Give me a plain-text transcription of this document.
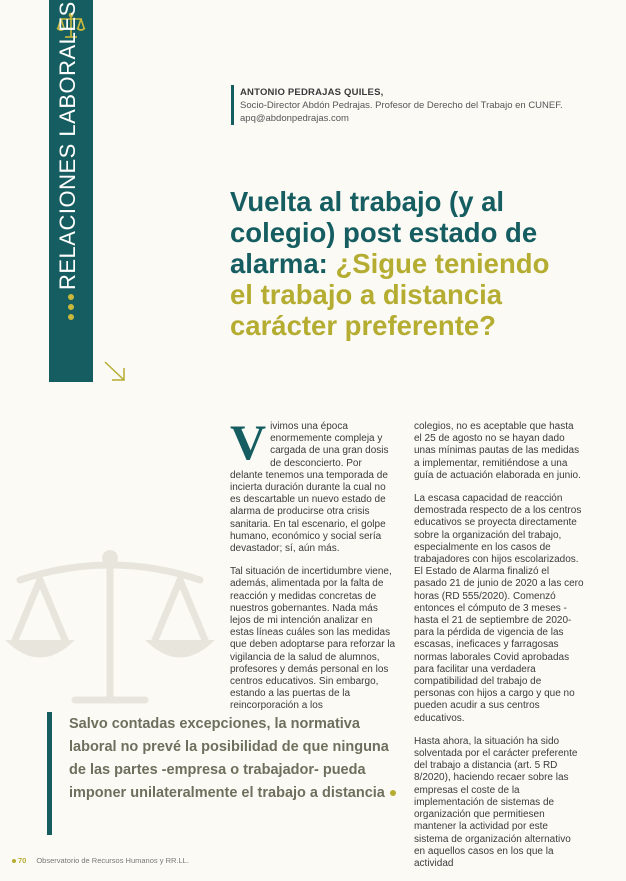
RELACIONES LABORALES	ANTONIO PEDRAJAS QUILES,
Socio-Director Abdón Pedrajas. Profesor de Derecho del Trabajo en CUNEF.
apq@abdonpedrajas.com
Vuelta al trabajo (y al colegio) post estado de alarma: ¿Sigue teniendo el trabajo a distancia carácter preferente?

Vivimos una época enormemente compleja y cargada de una gran dosis de desconcierto. Por delante tenemos una temporada de incierta duración durante la cual no es descartable un nuevo estado de alarma de producirse otra crisis sanitaria. En tal escenario, el golpe humano, económico y social sería devastador; sí, aún más.

Tal situación de incertidumbre viene, además, alimentada por la falta de reacción y medidas concretas de nuestros gobernantes. Nada más lejos de mi intención analizar en estas líneas cuáles son las medidas que deben adoptarse para reforzar la vigilancia de la salud de alumnos, profesores y demás personal en los centros educativos. Sin embargo, estando a las puertas de la reincorporación a los

colegios, no es aceptable que hasta el 25 de agosto no se hayan dado unas mínimas pautas de las medidas a implementar, remitiéndose a una guía de actuación elaborada en junio.

La escasa capacidad de reacción demostrada respecto de a los centros educativos se proyecta directamente sobre la organización del trabajo, especialmente en los casos de trabajadores con hijos escolarizados. El Estado de Alarma finalizó el pasado 21 de junio de 2020 a las cero horas (RD 555/2020). Comenzó entonces el cómputo de 3 meses -hasta el 21 de septiembre de 2020- para la pérdida de vigencia de las escasas, ineficaces y farragosas normas laborales Covid aprobadas para facilitar una verdadera compatibilidad del trabajo de personas con hijos a cargo y que no pueden acudir a sus centros educativos.

Hasta ahora, la situación ha sido solventada por el carácter preferente del trabajo a distancia (art. 5 RD 8/2020), haciendo recaer sobre las empresas el coste de la implementación de sistemas de organización que permitiesen mantener la actividad por este sistema de organización alternativo en aquellos casos en los que la actividad

Salvo contadas excepciones, la normativa laboral no prevé la posibilidad de que ninguna de las partes -empresa o trabajador- pueda imponer unilateralmente el trabajo a distancia
70 Observatorio de Recursos Humanos y RR.LL.
